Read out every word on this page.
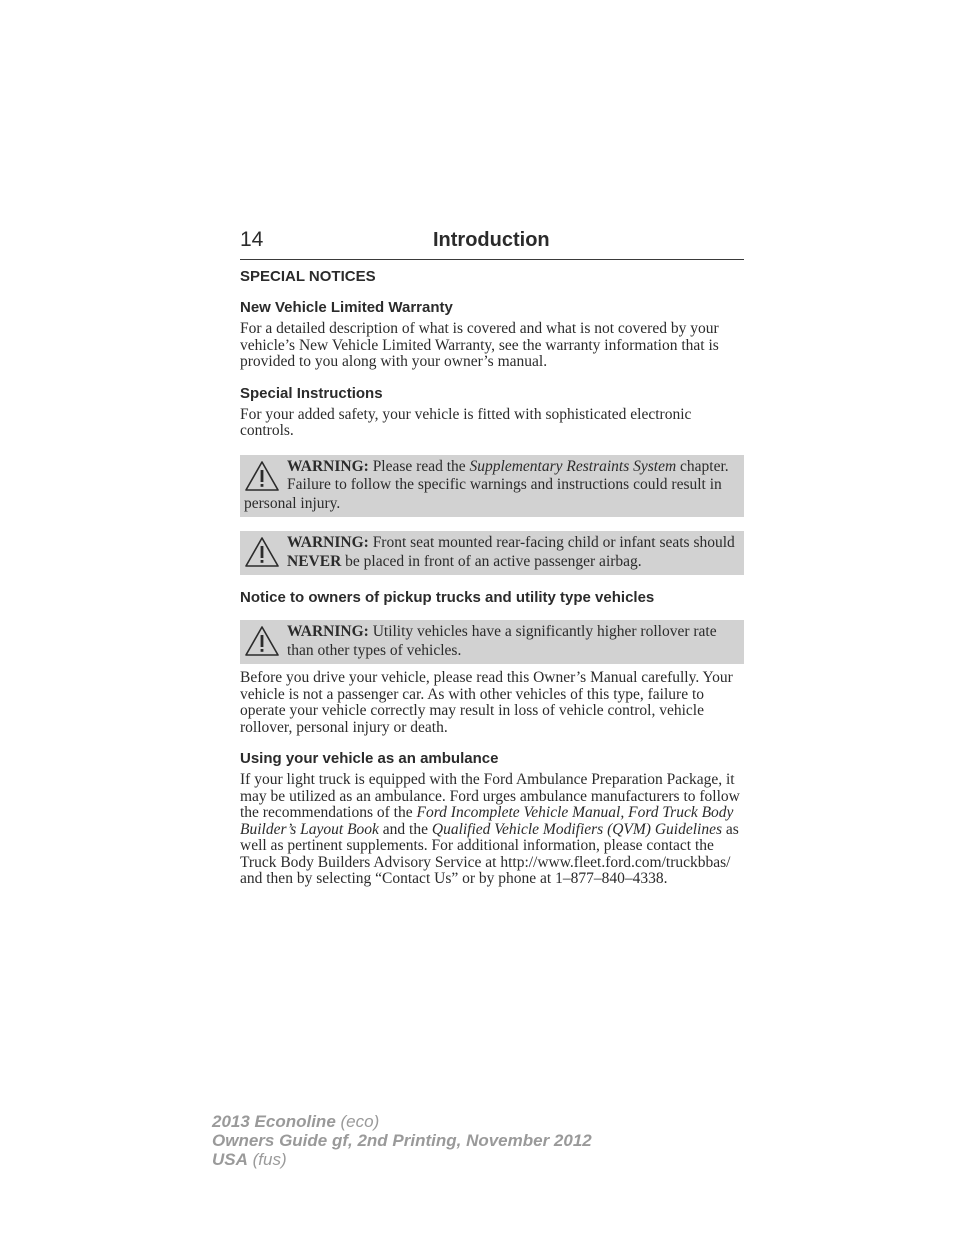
14	Introduction
SPECIAL NOTICES
New Vehicle Limited Warranty

For a detailed description of what is covered and what is not covered by your vehicle’s New Vehicle Limited Warranty, see the warranty information that is provided to you along with your owner’s manual.

Special Instructions

For your added safety, your vehicle is fitted with sophisticated electronic controls.

WARNING: Please read the Supplementary Restraints System chapter. Failure to follow the specific warnings and instructions could result in personal injury.
WARNING: Front seat mounted rear-facing child or infant seats should NEVER be placed in front of an active passenger airbag.
Notice to owners of pickup trucks and utility type vehicles
WARNING: Utility vehicles have a significantly higher rollover rate than other types of vehicles.

Before you drive your vehicle, please read this Owner’s Manual carefully. Your vehicle is not a passenger car. As with other vehicles of this type, failure to operate your vehicle correctly may result in loss of vehicle control, vehicle rollover, personal injury or death.

Using your vehicle as an ambulance

If your light truck is equipped with the Ford Ambulance Preparation Package, it may be utilized as an ambulance. Ford urges ambulance manufacturers to follow the recommendations of the Ford Incomplete Vehicle Manual, Ford Truck Body Builder’s Layout Book and the Qualified Vehicle Modifiers (QVM) Guidelines as well as pertinent supplements. For additional information, please contact the Truck Body Builders Advisory Service at http://www.fleet.ford.com/truckbbas/ and then by selecting “Contact Us” or by phone at 1–877–840–4338.

2013 Econoline (eco)
Owners Guide gf, 2nd Printing, November 2012
USA (fus)
